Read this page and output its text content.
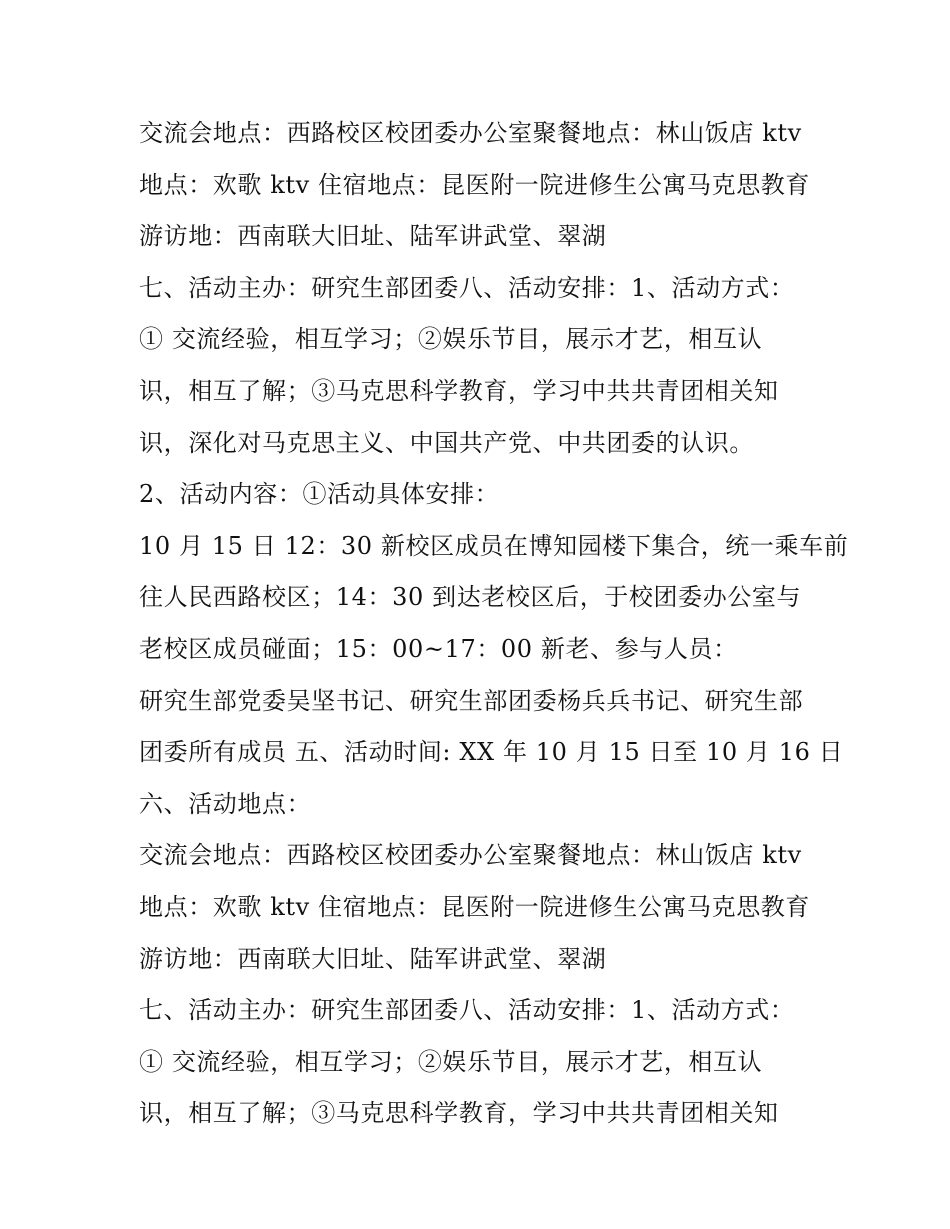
交流会地点：西路校区校团委办公室聚餐地点：林山饭店 ktv
地点：欢歌 ktv 住宿地点：昆医附一院进修生公寓马克思教育
游访地：西南联大旧址、陆军讲武堂、翠湖
七、活动主办：研究生部团委八、活动安排：1、活动方式：
① 交流经验，相互学习；②娱乐节目，展示才艺，相互认
识，相互了解；③马克思科学教育，学习中共共青团相关知
识，深化对马克思主义、中国共产党、中共团委的认识。
2、活动内容：①活动具体安排：
10 月 15 日 12：30 新校区成员在博知园楼下集合，统一乘车前
往人民西路校区；14：30 到达老校区后，于校团委办公室与
老校区成员碰面；15：00~17：00 新老、参与人员：
研究生部党委吴坚书记、研究生部团委杨兵兵书记、研究生部
团委所有成员 五、活动时间: XX 年 10 月 15 日至 10 月 16 日
六、活动地点：
交流会地点：西路校区校团委办公室聚餐地点：林山饭店 ktv
地点：欢歌 ktv 住宿地点：昆医附一院进修生公寓马克思教育
游访地：西南联大旧址、陆军讲武堂、翠湖
七、活动主办：研究生部团委八、活动安排：1、活动方式：
① 交流经验，相互学习；②娱乐节目，展示才艺，相互认
识，相互了解；③马克思科学教育，学习中共共青团相关知
